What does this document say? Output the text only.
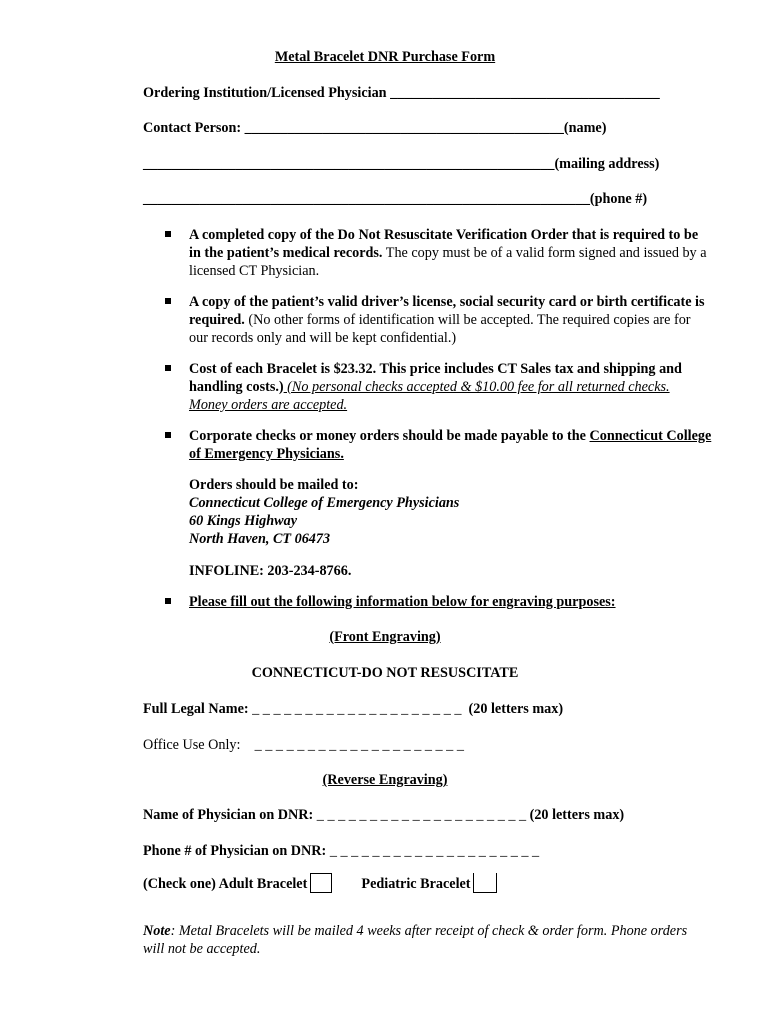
Metal Bracelet DNR Purchase Form
Ordering Institution/Licensed Physician ______________________________________
Contact Person: _____________________________________________(name)
__________________________________________________________(mailing address)
_______________________________________________________________(phone #)
A completed copy of the Do Not Resuscitate Verification Order that is required to be in the patient’s medical records. The copy must be of a valid form signed and issued by a licensed CT Physician.
A copy of the patient’s valid driver’s license, social security card or birth certificate is required. (No other forms of identification will be accepted. The required copies are for our records only and will be kept confidential.)
Cost of each Bracelet is $23.32. This price includes CT Sales tax and shipping and handling costs.) (No personal checks accepted & $10.00 fee for all returned checks. Money orders are accepted.
Corporate checks or money orders should be made payable to the Connecticut College of Emergency Physicians.
Orders should be mailed to:
Connecticut College of Emergency Physicians
60 Kings Highway
North Haven, CT 06473
INFOLINE: 203-234-8766.
Please fill out the following information below for engraving purposes:
(Front Engraving)
CONNECTICUT-DO NOT RESUSCITATE
Full Legal Name: _ _ _ _ _ _ _ _ _ _ _ _ _ _ _ _ _ _ _ _ (20 letters max)
Office Use Only: _ _ _ _ _ _ _ _ _ _ _ _ _ _ _ _ _ _ _ _
(Reverse Engraving)
Name of Physician on DNR: _ _ _ _ _ _ _ _ _ _ _ _ _ _ _ _ _ _ _ _ (20 letters max)
Phone # of Physician on DNR: _ _ _ _ _ _ _ _ _ _ _ _ _ _ _ _ _ _ _ _
(Check one) Adult Bracelet	Pediatric Bracelet
Note: Metal Bracelets will be mailed 4 weeks after receipt of check & order form. Phone orders will not be accepted.
